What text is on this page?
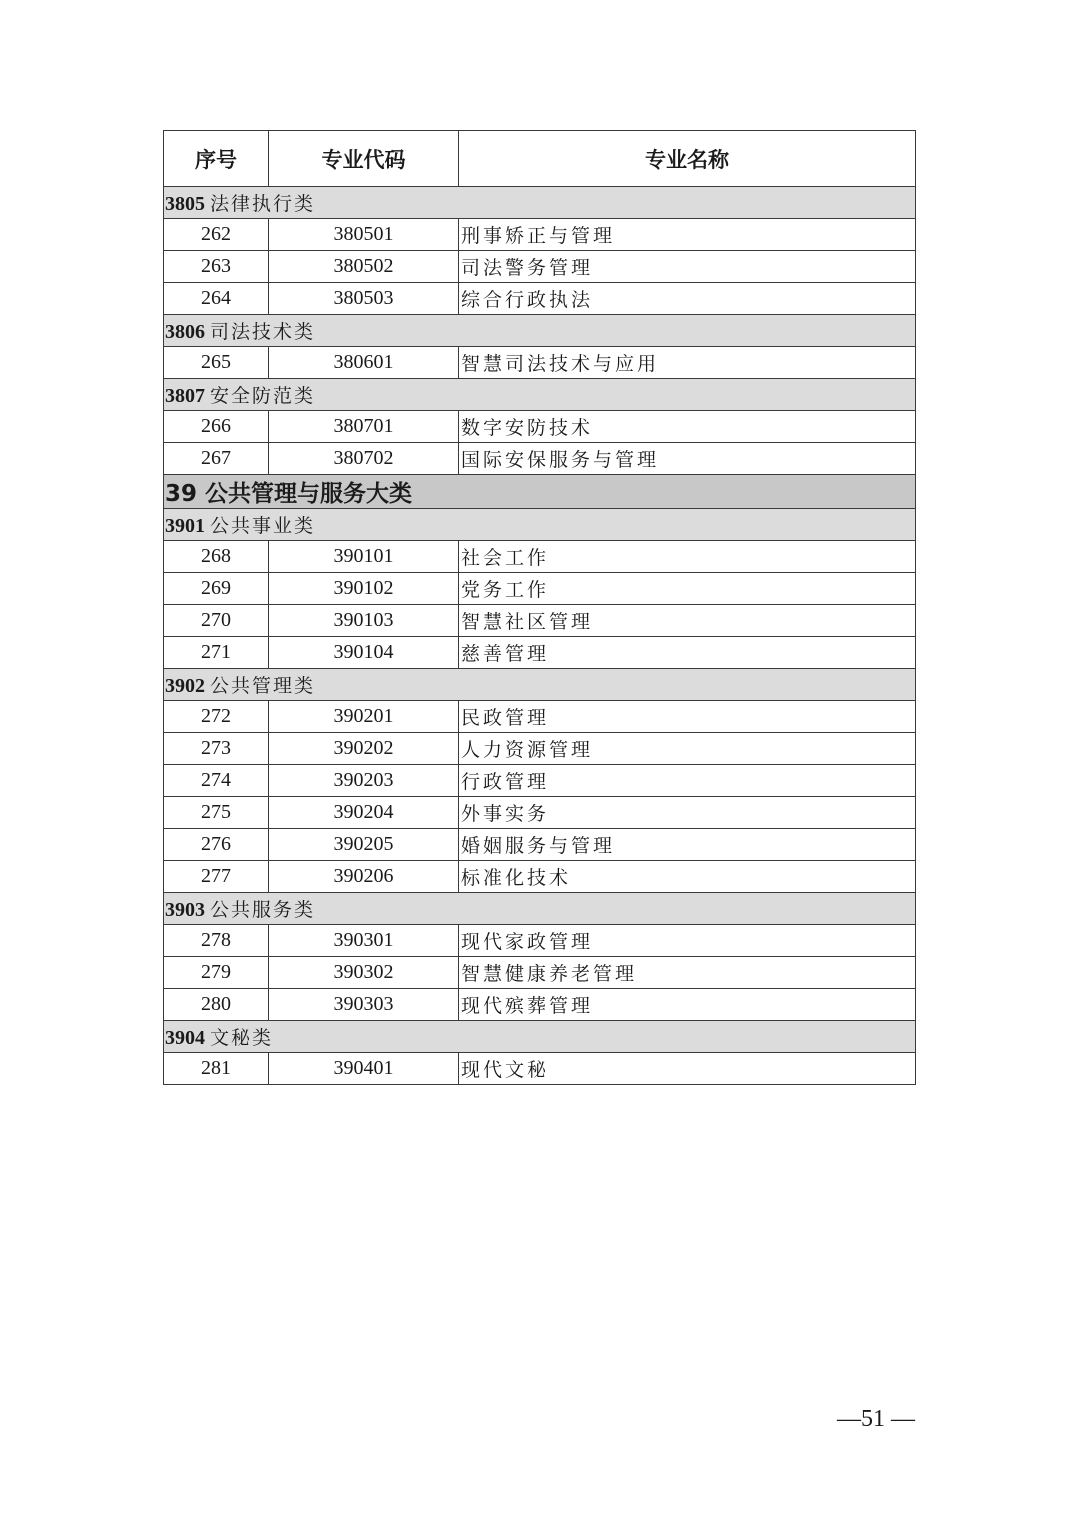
序号	专业代码	专业名称
3805 法律执行类		
262	380501	刑事矫正与管理
263	380502	司法警务管理
264	380503	综合行政执法
3806 司法技术类		
265	380601	智慧司法技术与应用
3807 安全防范类		
266	380701	数字安防技术
267	380702	国际安保服务与管理
39 公共管理与服务大类		
3901 公共事业类		
268	390101	社会工作
269	390102	党务工作
270	390103	智慧社区管理
271	390104	慈善管理
3902 公共管理类		
272	390201	民政管理
273	390202	人力资源管理
274	390203	行政管理
275	390204	外事实务
276	390205	婚姻服务与管理
277	390206	标准化技术
3903 公共服务类		
278	390301	现代家政管理
279	390302	智慧健康养老管理
280	390303	现代殡葬管理
3904 文秘类		
281	390401	现代文秘
—51 —
